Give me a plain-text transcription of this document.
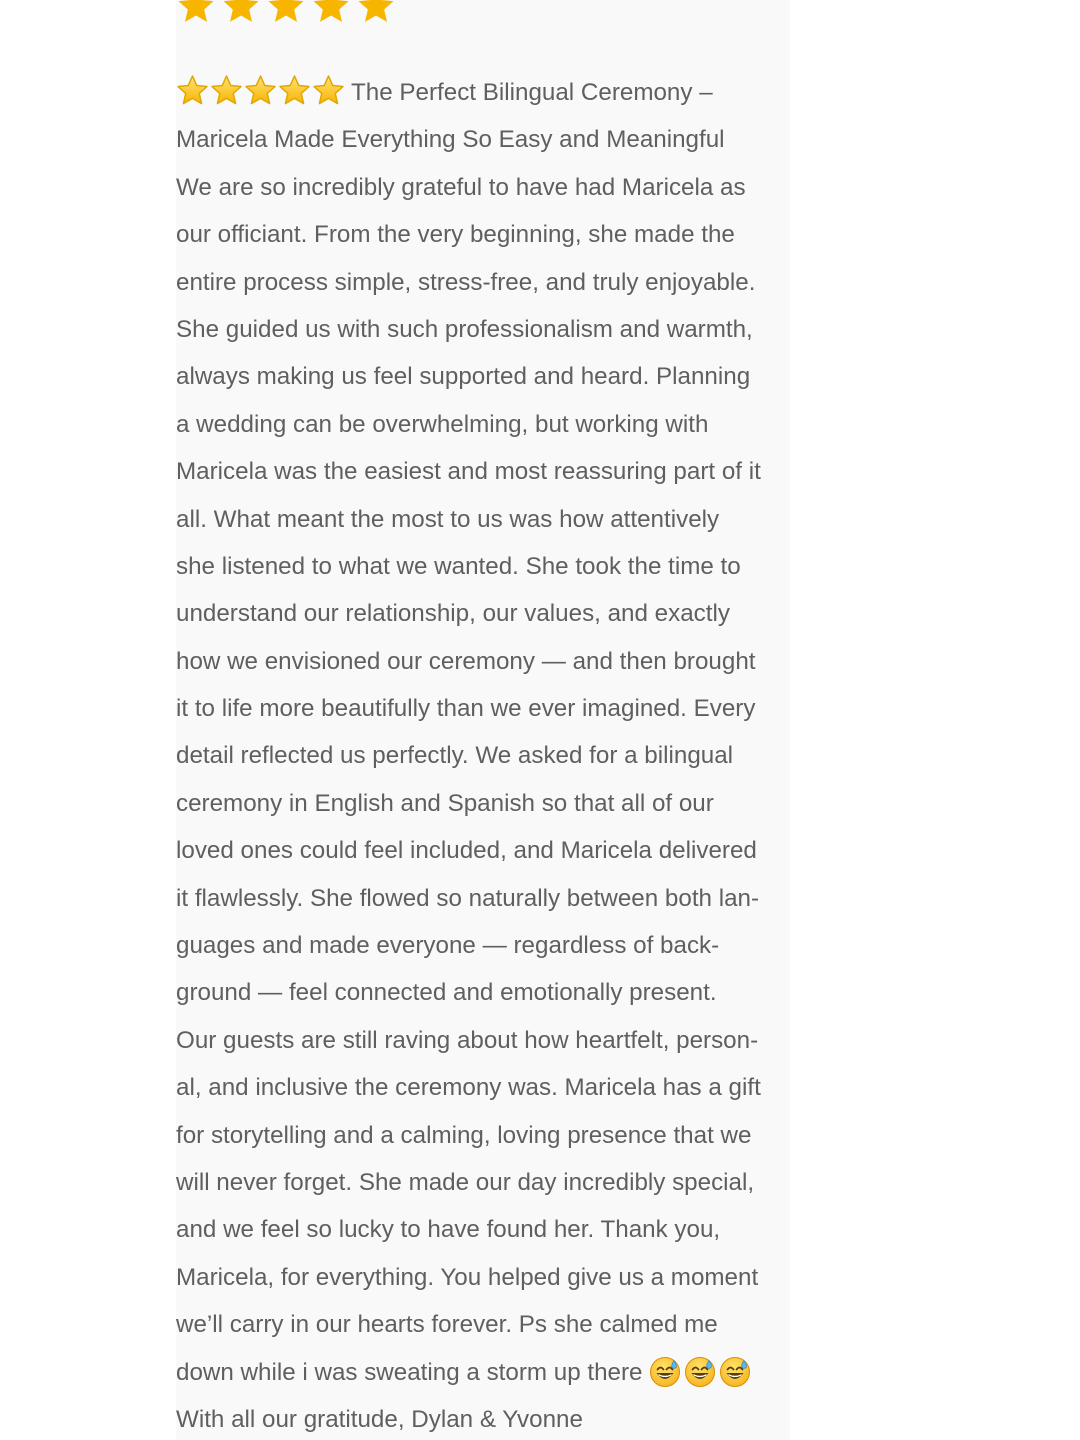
The Perfect Bilingual Ceremony –
Maricela Made Everything So Easy and Meaningful
We are so incredibly grateful to have had Maricela as
our officiant. From the very beginning, she made the
entire process simple, stress-free, and truly enjoyable.
She guided us with such professionalism and warmth,
always making us feel supported and heard. Planning
a wedding can be overwhelming, but working with
Maricela was the easiest and most reassuring part of it
all. What meant the most to us was how attentively
she listened to what we wanted. She took the time to
understand our relationship, our values, and exactly
how we envisioned our ceremony — and then brought
it to life more beautifully than we ever imagined. Every
detail reflected us perfectly. We asked for a bilingual
ceremony in English and Spanish so that all of our
loved ones could feel included, and Maricela delivered
it flawlessly. She flowed so naturally between both lan-
guages and made everyone — regardless of back-
ground — feel connected and emotionally present.
Our guests are still raving about how heartfelt, person-
al, and inclusive the ceremony was. Maricela has a gift
for storytelling and a calming, loving presence that we
will never forget. She made our day incredibly special,
and we feel so lucky to have found her. Thank you,
Maricela, for everything. You helped give us a moment
we’ll carry in our hearts forever. Ps she calmed me
down while i was sweating a storm up there
With all our gratitude, Dylan & Yvonne
